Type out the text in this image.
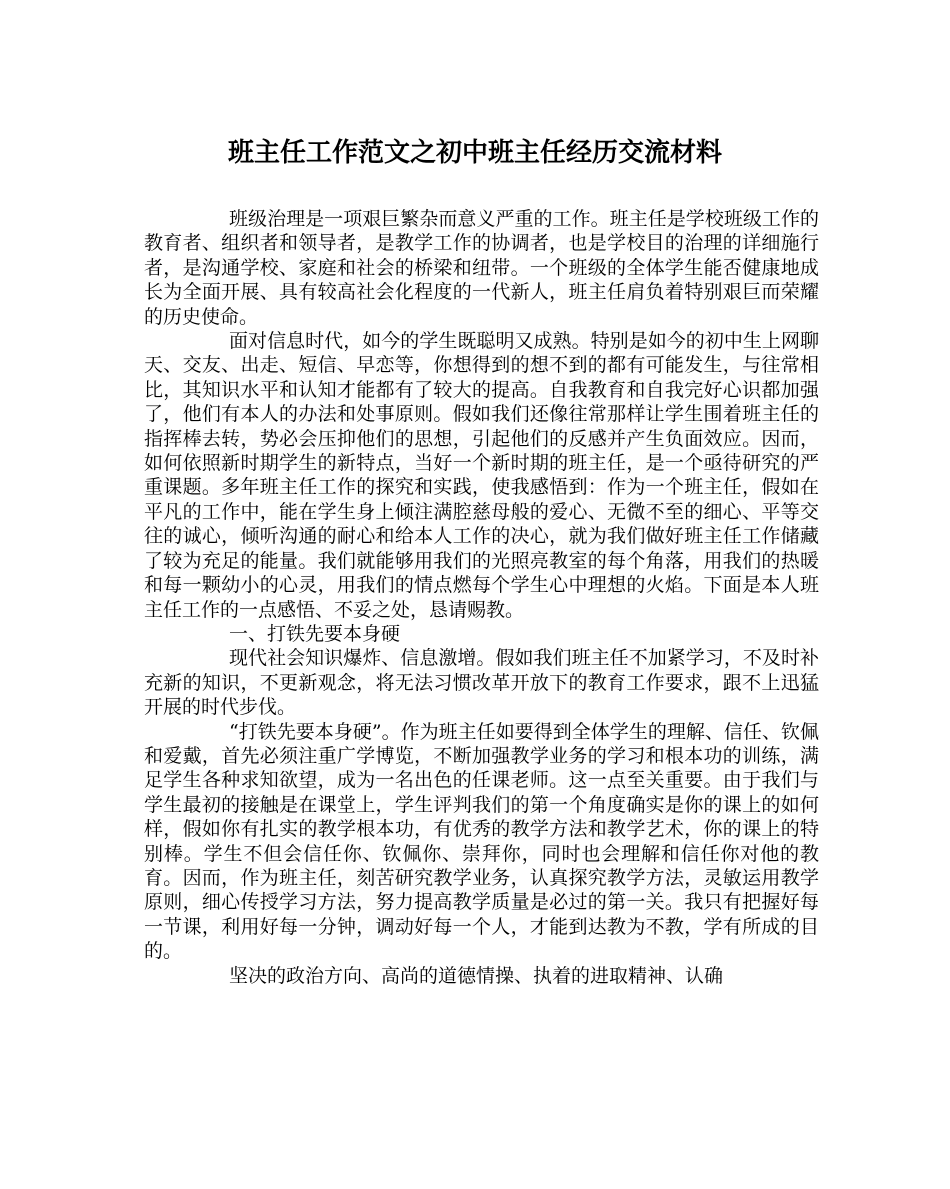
班主任工作范文之初中班主任经历交流材料

班级治理是一项艰巨繁杂而意义严重的工作。班主任是学校班级工作的教育者、组织者和领导者，是教学工作的协调者，也是学校目的治理的详细施行者，是沟通学校、家庭和社会的桥梁和纽带。一个班级的全体学生能否健康地成长为全面开展、具有较高社会化程度的一代新人，班主任肩负着特别艰巨而荣耀的历史使命。

面对信息时代，如今的学生既聪明又成熟。特别是如今的初中生上网聊天、交友、出走、短信、早恋等，你想得到的想不到的都有可能发生，与往常相比，其知识水平和认知才能都有了较大的提高。自我教育和自我完好心识都加强了，他们有本人的办法和处事原则。假如我们还像往常那样让学生围着班主任的指挥棒去转，势必会压抑他们的思想，引起他们的反感并产生负面效应。因而，如何依照新时期学生的新特点，当好一个新时期的班主任，是一个亟待研究的严重课题。多年班主任工作的探究和实践，使我感悟到：作为一个班主任，假如在平凡的工作中，能在学生身上倾注满腔慈母般的爱心、无微不至的细心、平等交往的诚心，倾听沟通的耐心和给本人工作的决心，就为我们做好班主任工作储藏了较为充足的能量。我们就能够用我们的光照亮教室的每个角落，用我们的热暖和每一颗幼小的心灵，用我们的情点燃每个学生心中理想的火焰。下面是本人班主任工作的一点感悟、不妥之处，恳请赐教。

一、打铁先要本身硬

现代社会知识爆炸、信息激增。假如我们班主任不加紧学习，不及时补充新的知识，不更新观念，将无法习惯改革开放下的教育工作要求，跟不上迅猛开展的时代步伐。

“打铁先要本身硬”。作为班主任如要得到全体学生的理解、信任、钦佩和爱戴，首先必须注重广学博览，不断加强教学业务的学习和根本功的训练，满足学生各种求知欲望，成为一名出色的任课老师。这一点至关重要。由于我们与学生最初的接触是在课堂上，学生评判我们的第一个角度确实是你的课上的如何样，假如你有扎实的教学根本功，有优秀的教学方法和教学艺术，你的课上的特别棒。学生不但会信任你、钦佩你、崇拜你，同时也会理解和信任你对他的教育。因而，作为班主任，刻苦研究教学业务，认真探究教学方法，灵敏运用教学原则，细心传授学习方法，努力提高教学质量是必过的第一关。我只有把握好每一节课，利用好每一分钟，调动好每一个人，才能到达教为不教，学有所成的目的。

坚决的政治方向、高尚的道德情操、执着的进取精神、认确
